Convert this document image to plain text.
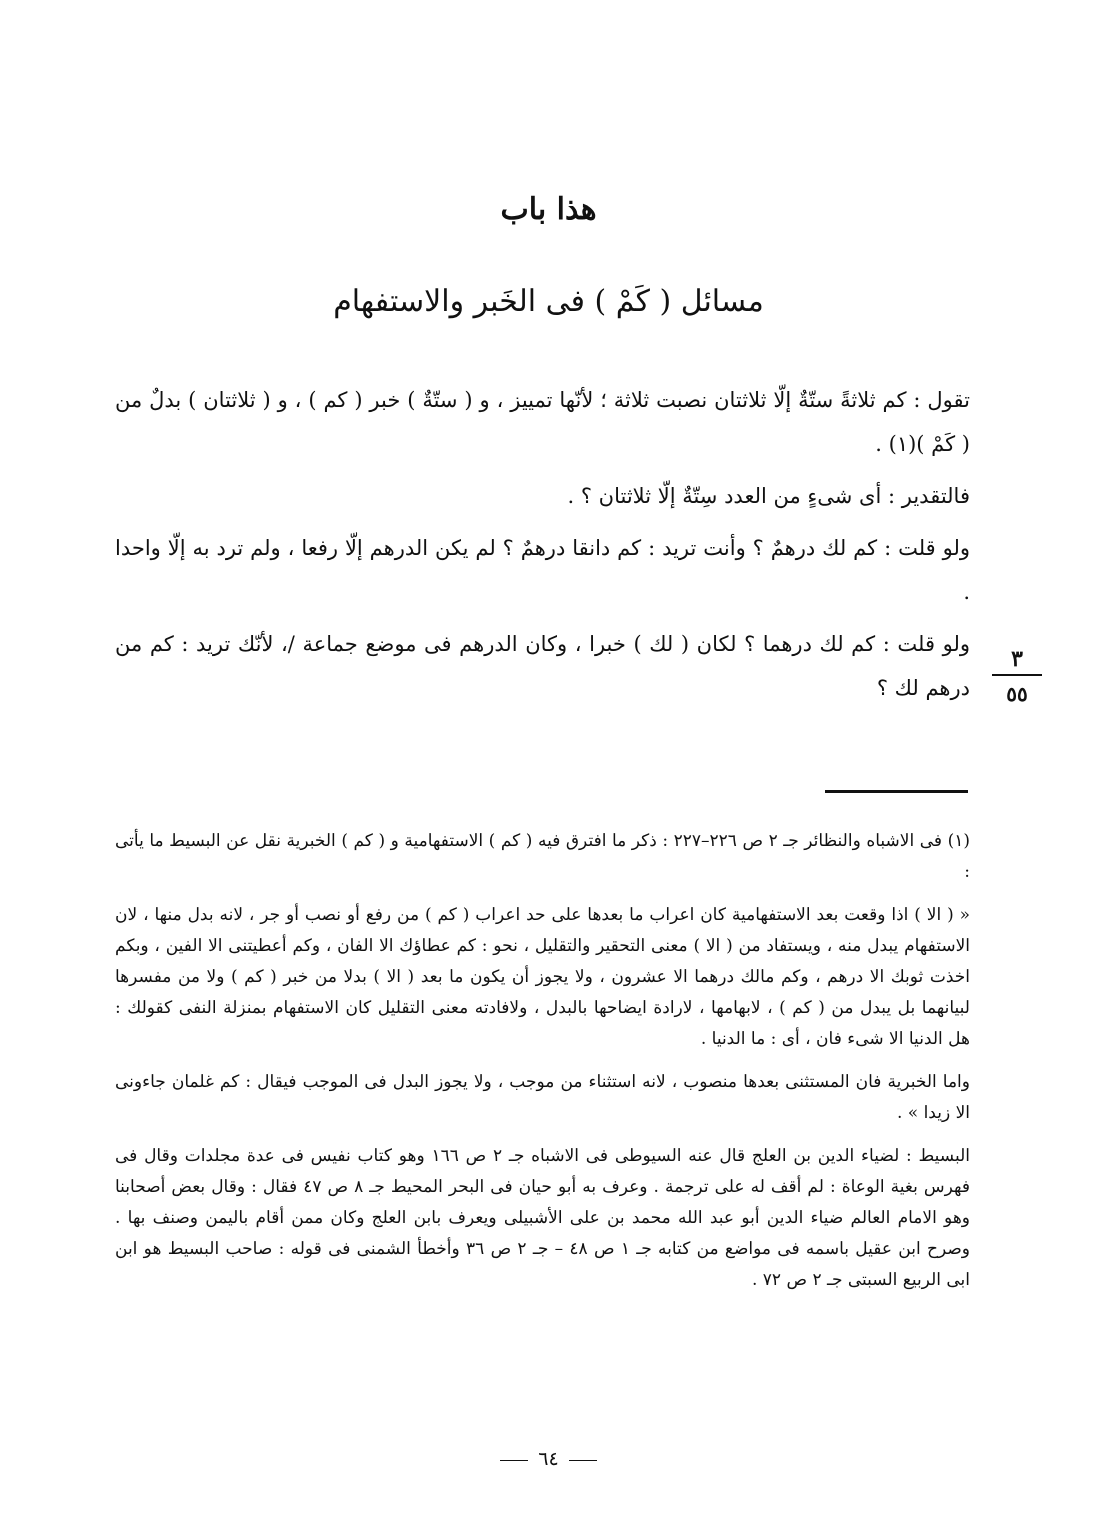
هذا باب
مسائل ( كَمْ ) فى الخَبر والاستفهام

تقول : كم ثلاثةً ستّةٌ إلّا ثلاثتان نصبت ثلاثة ؛ لأنّها تمييز ، و ( ستّةٌ ) خبر ( كم ) ، و ( ثلاثتان ) بدلٌ من ( كَمْ )(١) .

فالتقدير : أى شىءٍ من العدد سِتّةٌ إلّا ثلاثتان ؟ .

ولو قلت : كم لك درهمٌ ؟ وأنت تريد : كم دانقا درهمٌ ؟ لم يكن الدرهم إلّا رفعا ، ولم ترد به إلّا واحدا .

ولو قلت : كم لك درهما ؟ لكان ( لك ) خبرا ، وكان الدرهم فى موضع جماعة /، لأنّك تريد : كم من درهم لك ؟

٣
٥٥

(١) فى الاشباه والنظائر جـ ٢ ص ٢٢٦–٢٢٧ : ذكر ما افترق فيه ( كم ) الاستفهامية و ( كم ) الخبرية نقل عن البسيط ما يأتى :

« ( الا ) اذا وقعت بعد الاستفهامية كان اعراب ما بعدها على حد اعراب ( كم ) من رفع أو نصب أو جر ، لانه بدل منها ، لان الاستفهام يبدل منه ، ويستفاد من ( الا ) معنى التحقير والتقليل ، نحو : كم عطاؤك الا الفان ، وكم أعطيتنى الا الفين ، وبكم اخذت ثوبك الا درهم ، وكم مالك درهما الا عشرون ، ولا يجوز أن يكون ما بعد ( الا ) بدلا من خبر ( كم ) ولا من مفسرها لبيانهما بل يبدل من ( كم ) ، لابهامها ، لارادة ايضاحها بالبدل ، ولافادته معنى التقليل كان الاستفهام بمنزلة النفى كقولك : هل الدنيا الا شىء فان ، أى : ما الدنيا .

واما الخبرية فان المستثنى بعدها منصوب ، لانه استثناء من موجب ، ولا يجوز البدل فى الموجب فيقال : كم غلمان جاءونى الا زيدا » .

البسيط : لضياء الدين بن العلج قال عنه السيوطى فى الاشباه جـ ٢ ص ١٦٦ وهو كتاب نفيس فى عدة مجلدات وقال فى فهرس بغية الوعاة : لم أقف له على ترجمة . وعرف به أبو حيان فى البحر المحيط جـ ٨ ص ٤٧ فقال : وقال بعض أصحابنا وهو الامام العالم ضياء الدين أبو عبد الله محمد بن على الأشبيلى ويعرف بابن العلج وكان ممن أقام باليمن وصنف بها . وصرح ابن عقيل باسمه فى مواضع من كتابه جـ ١ ص ٤٨ – جـ ٢ ص ٣٦ وأخطأ الشمنى فى قوله : صاحب البسيط هو ابن ابى الربيع السبتى جـ ٢ ص ٧٢ .

٦٤
